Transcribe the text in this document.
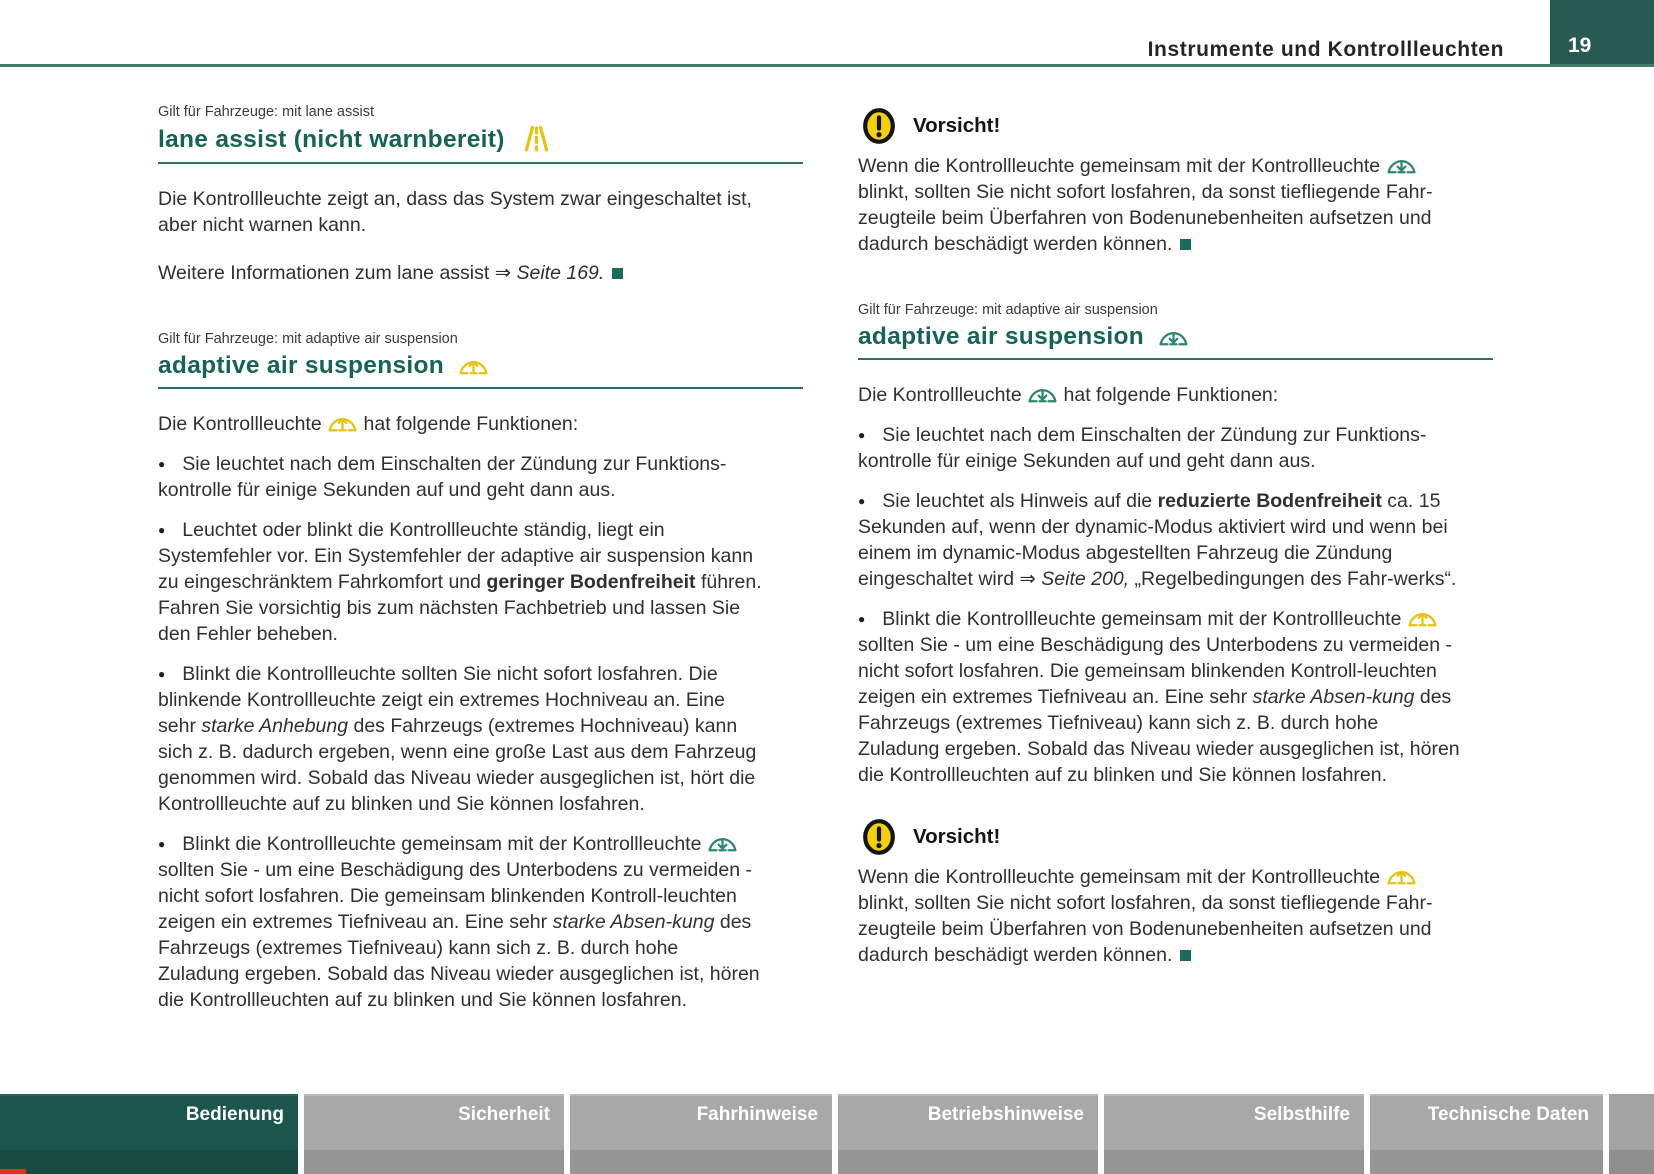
Instrumente und Kontrollleuchten	19
Gilt für Fahrzeuge: mit lane assist
lane assist (nicht warnbereit)
Die Kontrollleuchte zeigt an, dass das System zwar eingeschaltet ist, aber nicht warnen kann.
Weitere Informationen zum lane assist ⇒ Seite 169.
Gilt für Fahrzeuge: mit adaptive air suspension
adaptive air suspension
Die Kontrollleuchte  hat folgende Funktionen:
● Sie leuchtet nach dem Einschalten der Zündung zur Funktions-kontrolle für einige Sekunden auf und geht dann aus.
● Leuchtet oder blinkt die Kontrollleuchte ständig, liegt ein Systemfehler vor. Ein Systemfehler der adaptive air suspension kann zu eingeschränktem Fahrkomfort und geringer Bodenfreiheit führen. Fahren Sie vorsichtig bis zum nächsten Fachbetrieb und lassen Sie den Fehler beheben.
● Blinkt die Kontrollleuchte sollten Sie nicht sofort losfahren. Die blinkende Kontrollleuchte zeigt ein extremes Hochniveau an. Eine sehr starke Anhebung des Fahrzeugs (extremes Hochniveau) kann sich z. B. dadurch ergeben, wenn eine große Last aus dem Fahrzeug genommen wird. Sobald das Niveau wieder ausgeglichen ist, hört die Kontrollleuchte auf zu blinken und Sie können losfahren.
● Blinkt die Kontrollleuchte gemeinsam mit der Kontrollleuchte  sollten Sie - um eine Beschädigung des Unterbodens zu vermeiden - nicht sofort losfahren. Die gemeinsam blinkenden Kontroll-leuchten zeigen ein extremes Tiefniveau an. Eine sehr starke Absen-kung des Fahrzeugs (extremes Tiefniveau) kann sich z. B. durch hohe Zuladung ergeben. Sobald das Niveau wieder ausgeglichen ist, hören die Kontrollleuchten auf zu blinken und Sie können losfahren.
Vorsicht!
Wenn die Kontrollleuchte gemeinsam mit der Kontrollleuchte  blinkt, sollten Sie nicht sofort losfahren, da sonst tiefliegende Fahr-zeugteile beim Überfahren von Bodenunebenheiten aufsetzen und dadurch beschädigt werden können.
Gilt für Fahrzeuge: mit adaptive air suspension
adaptive air suspension
Die Kontrollleuchte  hat folgende Funktionen:
● Sie leuchtet nach dem Einschalten der Zündung zur Funktions-kontrolle für einige Sekunden auf und geht dann aus.
● Sie leuchtet als Hinweis auf die reduzierte Bodenfreiheit ca. 15 Sekunden auf, wenn der dynamic-Modus aktiviert wird und wenn bei einem im dynamic-Modus abgestellten Fahrzeug die Zündung eingeschaltet wird ⇒ Seite 200, „Regelbedingungen des Fahr-werks“.
● Blinkt die Kontrollleuchte gemeinsam mit der Kontrollleuchte  sollten Sie - um eine Beschädigung des Unterbodens zu vermeiden - nicht sofort losfahren. Die gemeinsam blinkenden Kontroll-leuchten zeigen ein extremes Tiefniveau an. Eine sehr starke Absen-kung des Fahrzeugs (extremes Tiefniveau) kann sich z. B. durch hohe Zuladung ergeben. Sobald das Niveau wieder ausgeglichen ist, hören die Kontrollleuchten auf zu blinken und Sie können losfahren.
Vorsicht!
Wenn die Kontrollleuchte gemeinsam mit der Kontrollleuchte  blinkt, sollten Sie nicht sofort losfahren, da sonst tiefliegende Fahr-zeugteile beim Überfahren von Bodenunebenheiten aufsetzen und dadurch beschädigt werden können.
Bedienung	Sicherheit	Fahrhinweise	Betriebshinweise	Selbsthilfe	Technische Daten
